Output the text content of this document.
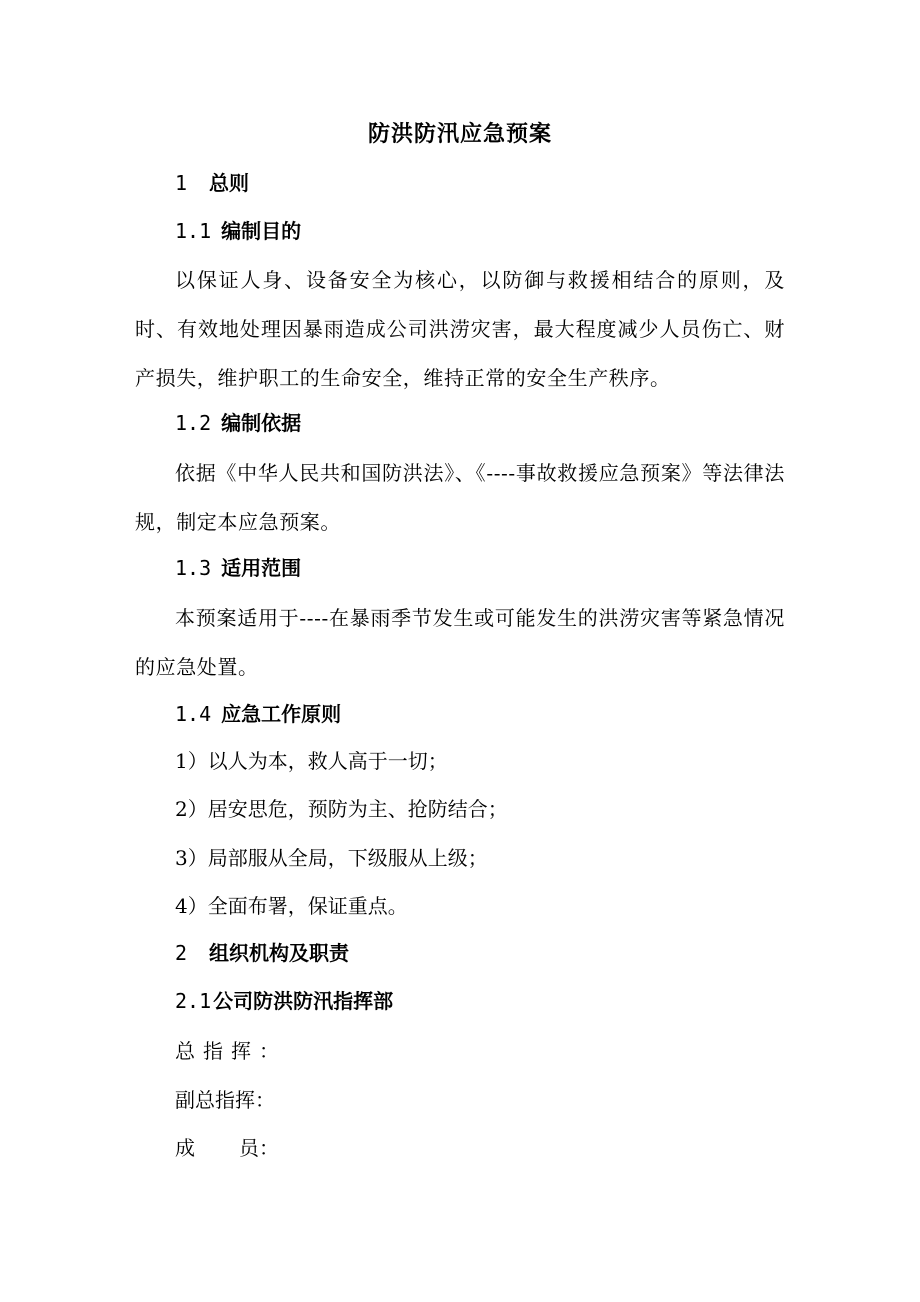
防洪防汛应急预案
1 总则
1.1 编制目的
以保证人身、设备安全为核心，以防御与救援相结合的原则，及时、有效地处理因暴雨造成公司洪涝灾害，最大程度减少人员伤亡、财产损失，维护职工的生命安全，维持正常的安全生产秩序。
1.2 编制依据
依据《中华人民共和国防洪法》、《----事故救援应急预案》等法律法规，制定本应急预案。
1.3 适用范围
本预案适用于----在暴雨季节发生或可能发生的洪涝灾害等紧急情况的应急处置。
1.4 应急工作原则
1）以人为本，救人高于一切；
2）居安思危，预防为主、抢防结合；
3）局部服从全局，下级服从上级；
4）全面布署，保证重点。
2 组织机构及职责
2.1 公司防洪防汛指挥部
总指挥：
副总指挥：
成 员：
